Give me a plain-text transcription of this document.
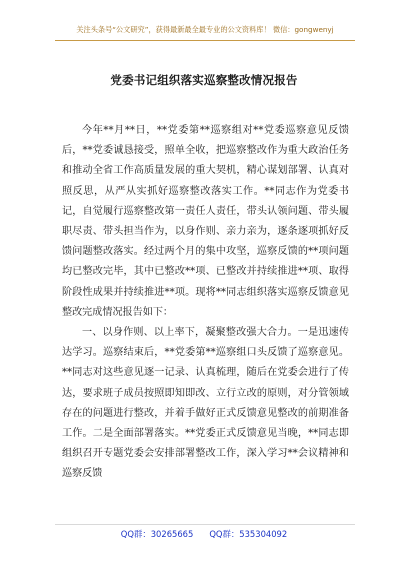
关注头条号“公文研究”，获得最新最全最专业的公文资料库！ 微信：gongwenyj
党委书记组织落实巡察整改情况报告

今年**月**日，**党委第**巡察组对**党委巡察意见反馈后，**党委诚恳接受，照单全收，把巡察整改作为重大政治任务和推动全省工作高质量发展的重大契机，精心谋划部署、认真对照反思，从严从实抓好巡察整改落实工作。**同志作为党委书记，自觉履行巡察整改第一责任人责任，带头认领问题、带头履职尽责、带头担当作为，以身作则、亲力亲为，逐条逐项抓好反馈问题整改落实。经过两个月的集中攻坚，巡察反馈的**项问题均已整改完毕，其中已整改**项、已整改并持续推进**项、取得阶段性成果并持续推进**项。现将**同志组织落实巡察反馈意见整改完成情况报告如下：

一、以身作则、以上率下，凝聚整改强大合力。一是迅速传达学习。巡察结束后，**党委第**巡察组口头反馈了巡察意见。**同志对这些意见逐一记录、认真梳理，随后在党委会进行了传达，要求班子成员按照即知即改、立行立改的原则，对分管领域存在的问题进行整改，并着手做好正式反馈意见整改的前期准备工作。二是全面部署落实。**党委正式反馈意见当晚，**同志即组织召开专题党委会安排部署整改工作，深入学习**会议精神和巡察反馈

QQ群：30265665      QQ群：535304092
